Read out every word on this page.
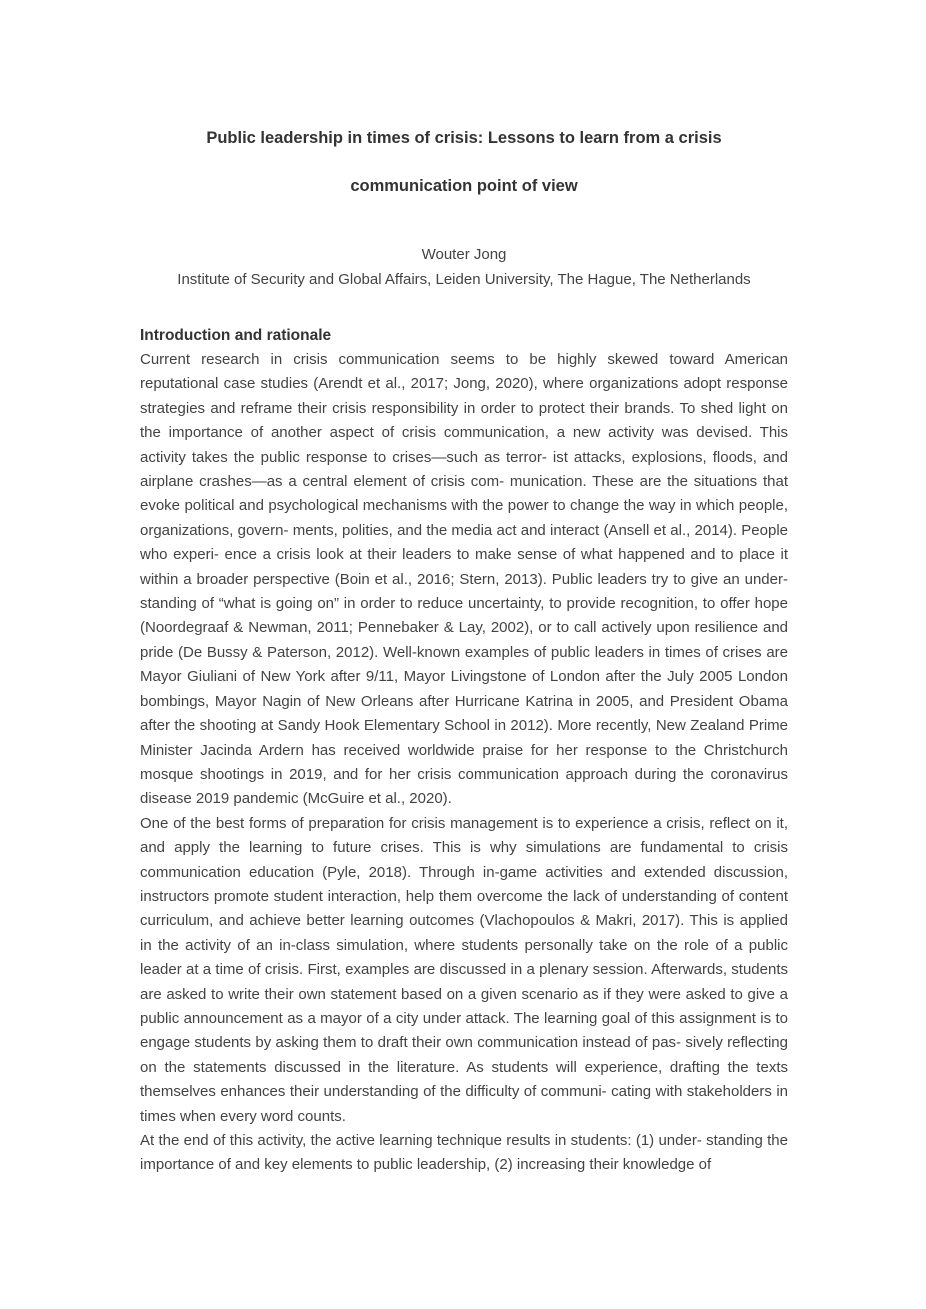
Public leadership in times of crisis: Lessons to learn from a crisis
communication point of view
Wouter Jong
Institute of Security and Global Affairs, Leiden University, The Hague, The Netherlands
Introduction and rationale

Current research in crisis communication seems to be highly skewed toward American reputational case studies (Arendt et al., 2017; Jong, 2020), where organizations adopt response strategies and reframe their crisis responsibility in order to protect their brands. To shed light on the importance of another aspect of crisis communication, a new activity was devised. This activity takes the public response to crises—such as terror- ist attacks, explosions, floods, and airplane crashes—as a central element of crisis com- munication. These are the situations that evoke political and psychological mechanisms with the power to change the way in which people, organizations, govern- ments, polities, and the media act and interact (Ansell et al., 2014). People who experi- ence a crisis look at their leaders to make sense of what happened and to place it within a broader perspective (Boin et al., 2016; Stern, 2013). Public leaders try to give an under- standing of “what is going on” in order to reduce uncertainty, to provide recognition, to offer hope (Noordegraaf & Newman, 2011; Pennebaker & Lay, 2002), or to call actively upon resilience and pride (De Bussy & Paterson, 2012). Well-known examples of public leaders in times of crises are Mayor Giuliani of New York after 9/11, Mayor Livingstone of London after the July 2005 London bombings, Mayor Nagin of New Orleans after Hurricane Katrina in 2005, and President Obama after the shooting at Sandy Hook Elementary School in 2012). More recently, New Zealand Prime Minister Jacinda Ardern has received worldwide praise for her response to the Christchurch mosque shootings in 2019, and for her crisis communication approach during the coronavirus disease 2019 pandemic (McGuire et al., 2020).

One of the best forms of preparation for crisis management is to experience a crisis, reflect on it, and apply the learning to future crises. This is why simulations are fundamental to crisis communication education (Pyle, 2018). Through in-game activities and extended discussion, instructors promote student interaction, help them overcome the lack of understanding of content curriculum, and achieve better learning outcomes (Vlachopoulos & Makri, 2017). This is applied in the activity of an in-class simulation, where students personally take on the role of a public leader at a time of crisis. First, examples are discussed in a plenary session. Afterwards, students are asked to write their own statement based on a given scenario as if they were asked to give a public announcement as a mayor of a city under attack. The learning goal of this assignment is to engage students by asking them to draft their own communication instead of pas- sively reflecting on the statements discussed in the literature. As students will experience, drafting the texts themselves enhances their understanding of the difficulty of communi- cating with stakeholders in times when every word counts.

At the end of this activity, the active learning technique results in students: (1) under- standing the importance of and key elements to public leadership, (2) increasing their knowledge of
